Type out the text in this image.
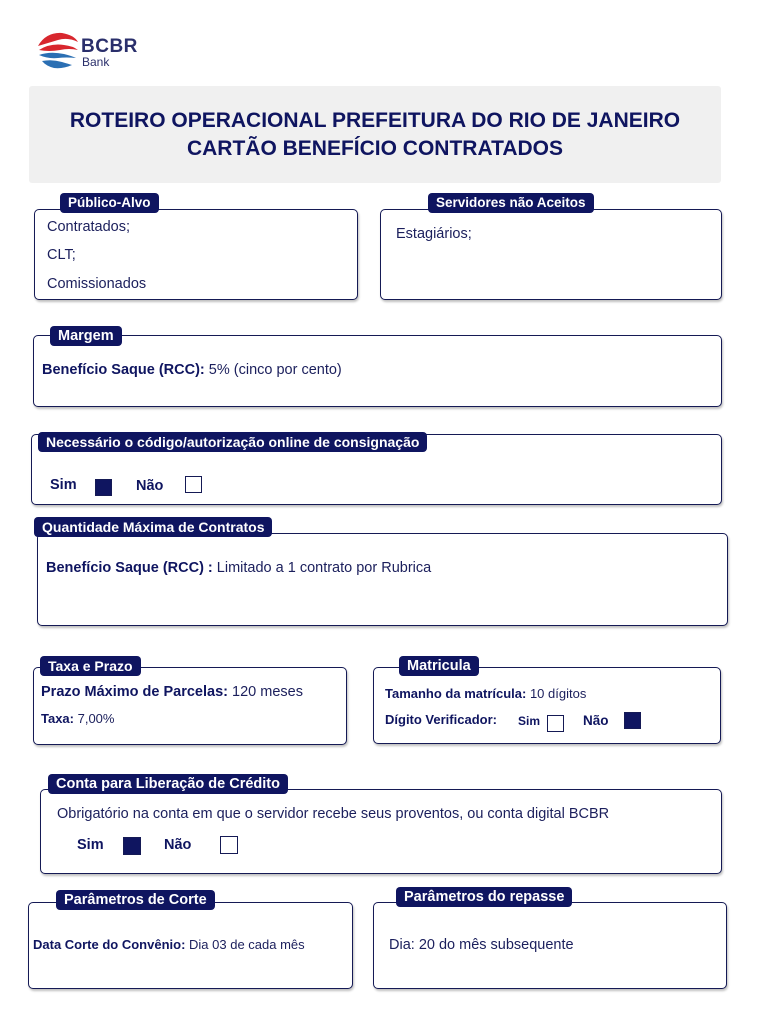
BCBR
Bank
ROTEIRO OPERACIONAL PREFEITURA DO RIO DE JANEIRO
CARTÃO BENEFÍCIO CONTRATADOS
Público-Alvo
Contratados;
CLT;
Comissionados
Servidores não Aceitos
Estagiários;
Margem
Benefício Saque (RCC): 5% (cinco por cento)
Necessário o código/autorização online de consignação
Sim	Não
Quantidade Máxima de Contratos
Benefício Saque (RCC) : Limitado a 1 contrato por Rubrica
Taxa e Prazo
Prazo Máximo de Parcelas: 120 meses
Taxa: 7,00%
Matricula
Tamanho da matrícula: 10 dígitos
Dígito Verificador: Sim	Não
Conta para Liberação de Crédito
Obrigatório na conta em que o servidor recebe seus proventos, ou conta digital BCBR
Sim	Não
Parâmetros de Corte
Data Corte do Convênio: Dia 03 de cada mês
Parâmetros do repasse
Dia: 20 do mês subsequente
